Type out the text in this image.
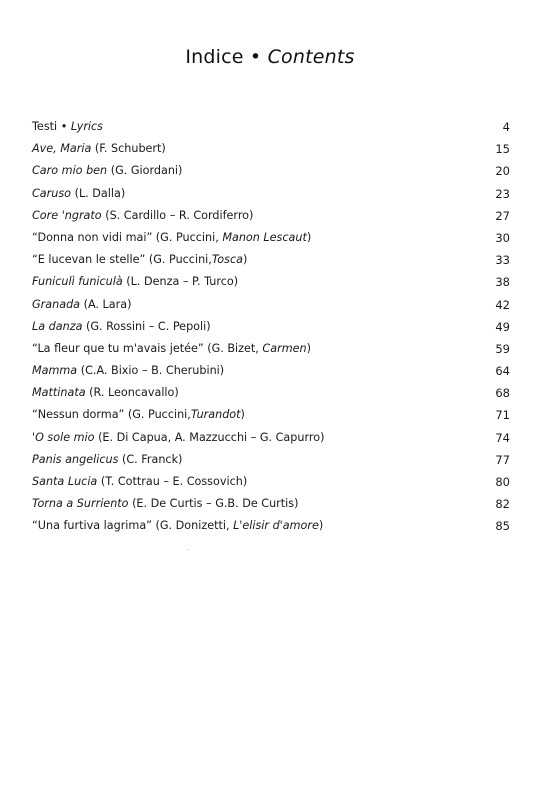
Indice • Contents
Testi • Lyrics	4
Ave, Maria (F. Schubert)	15
Caro mio ben (G. Giordani)	20
Caruso (L. Dalla)	23
Core 'ngrato (S. Cardillo – R. Cordiferro)	27
“Donna non vidi mai” (G. Puccini, Manon Lescaut)	30
“E lucevan le stelle” (G. Puccini,Tosca)	33
Funiculì funiculà (L. Denza – P. Turco)	38
Granada (A. Lara)	42
La danza (G. Rossini – C. Pepoli)	49
“La fleur que tu m'avais jetée” (G. Bizet, Carmen)	59
Mamma (C.A. Bixio – B. Cherubini)	64
Mattinata (R. Leoncavallo)	68
“Nessun dorma” (G. Puccini,Turandot)	71
'O sole mio (E. Di Capua, A. Mazzucchi – G. Capurro)	74
Panis angelicus (C. Franck)	77
Santa Lucia (T. Cottrau – E. Cossovich)	80
Torna a Surriento (E. De Curtis – G.B. De Curtis)	82
“Una furtiva lagrima” (G. Donizetti, L'elisir d'amore)	85
